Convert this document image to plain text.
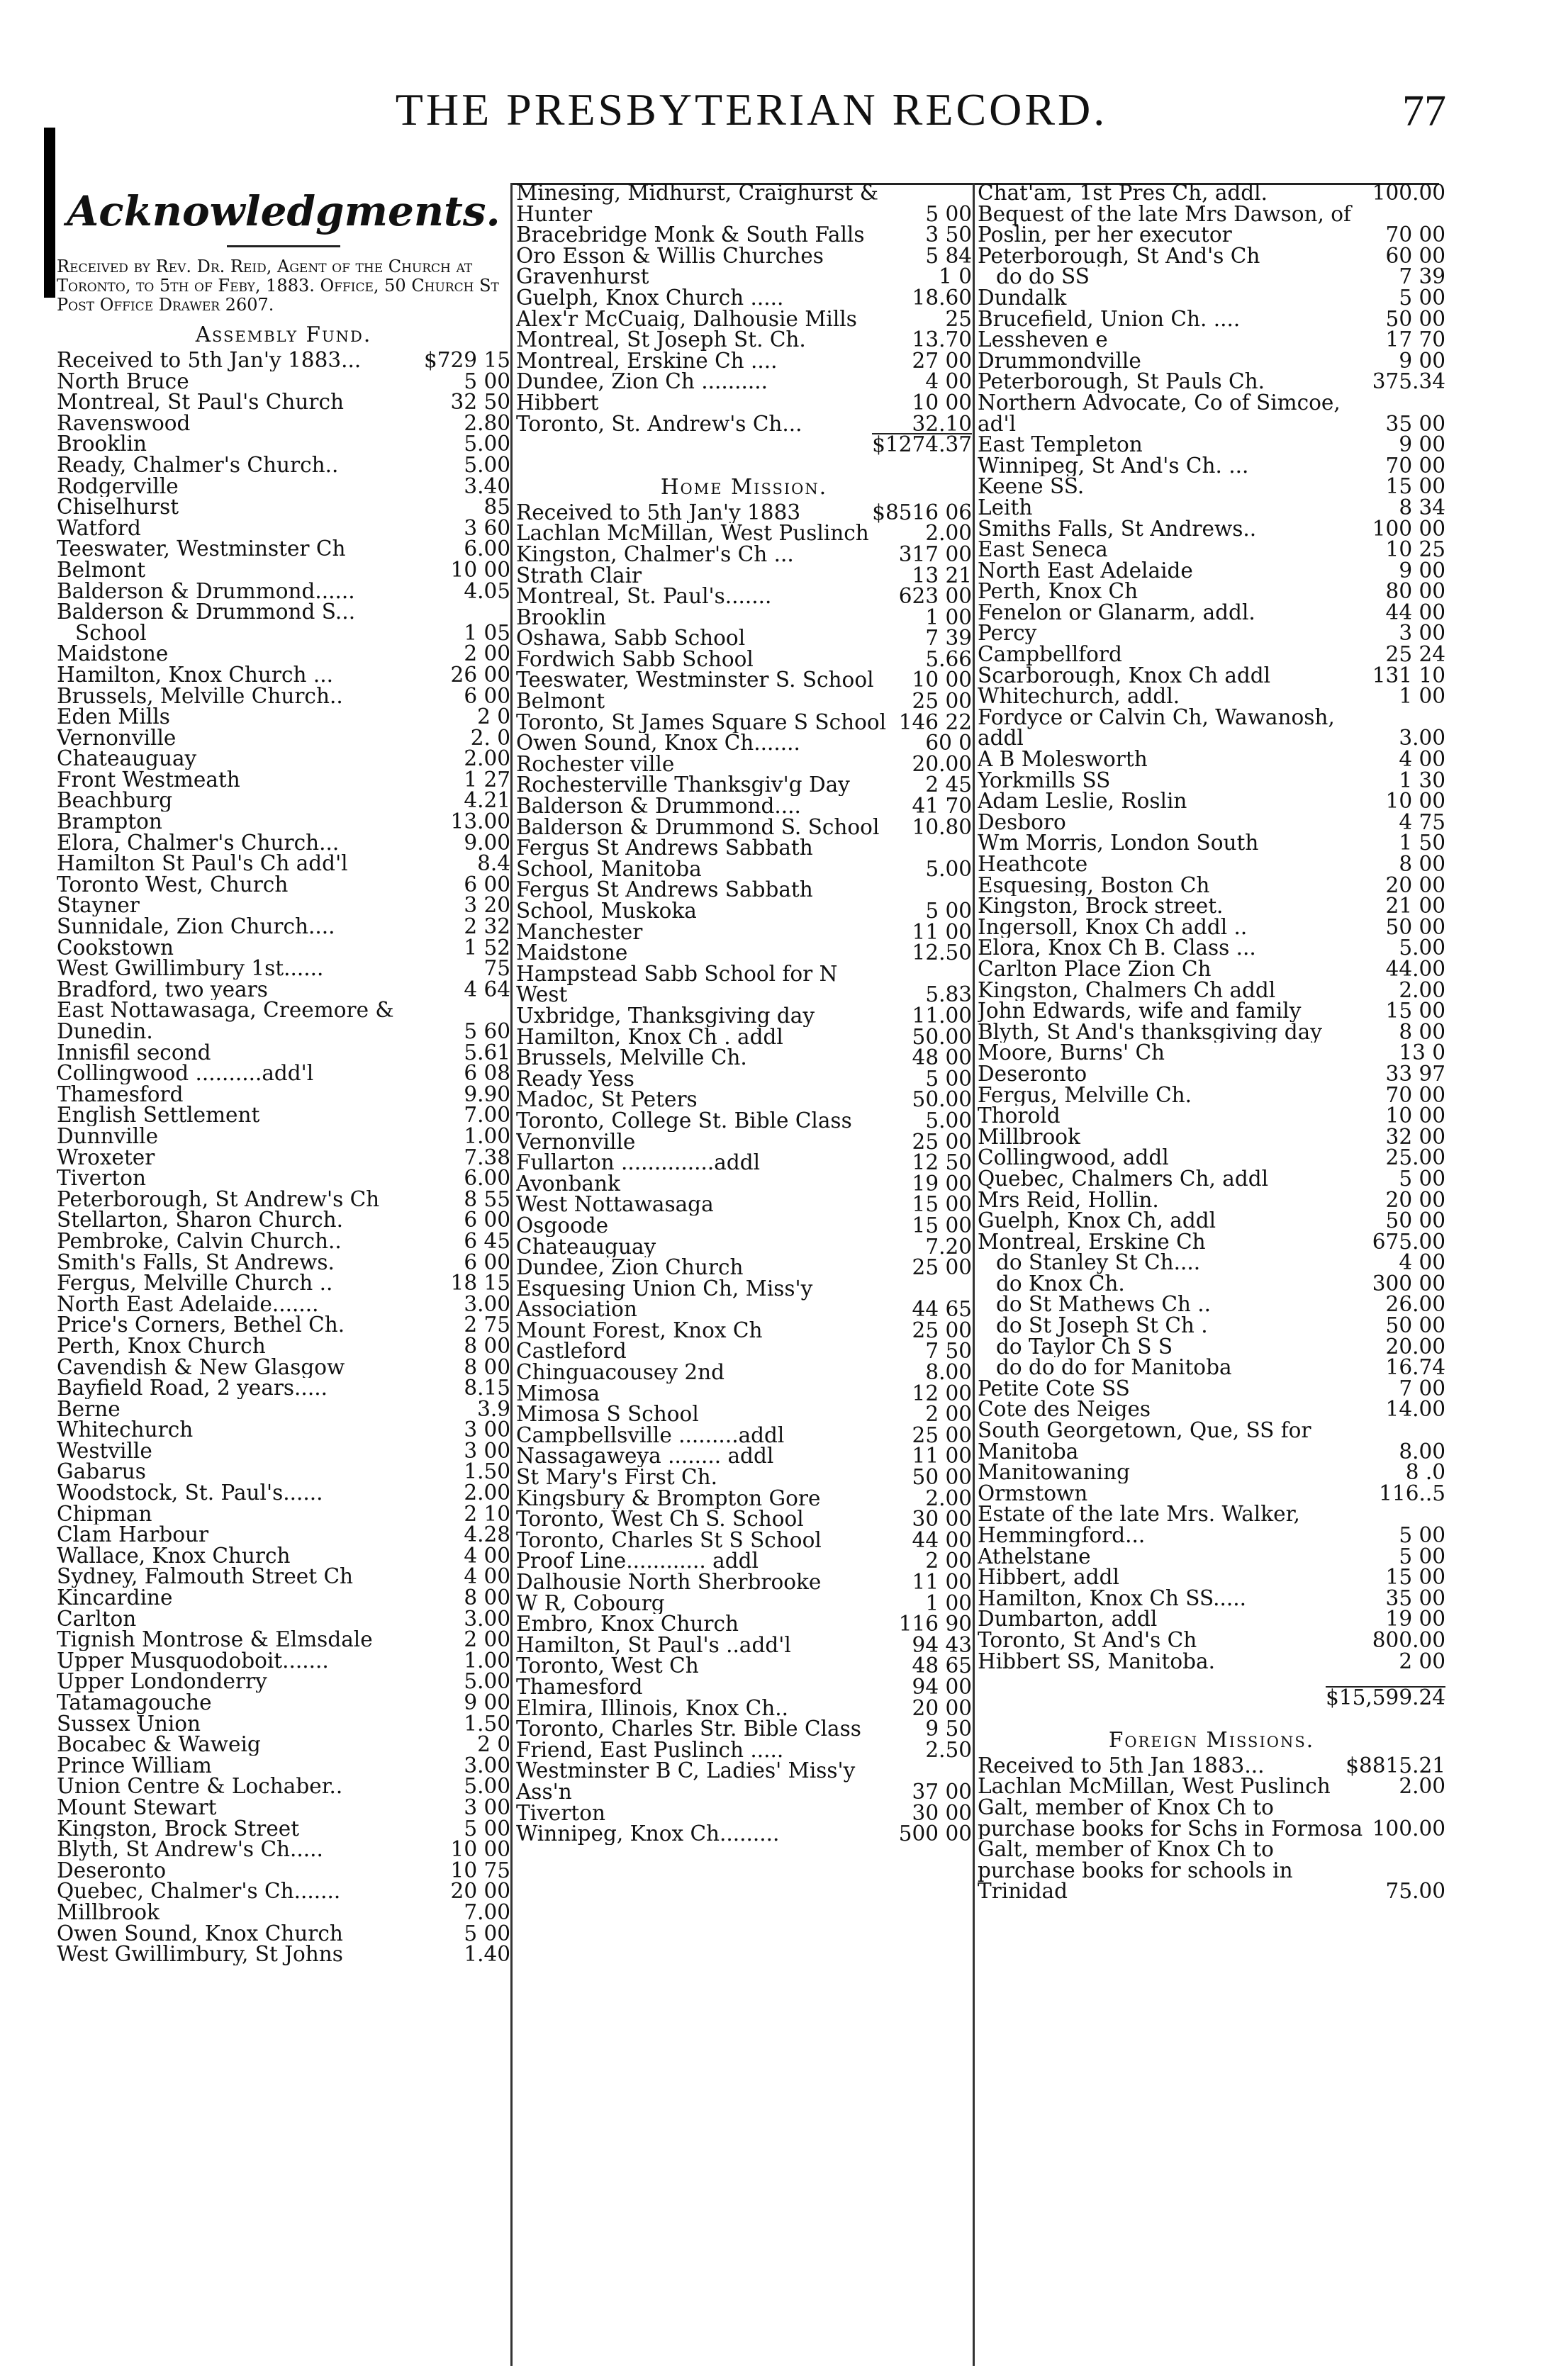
THE PRESBYTERIAN RECORD.	77
Acknowledgments.
Received by Rev. Dr. Reid, Agent of the Church at Toronto, to 5th of Feby, 1883. Office, 50 Church St Post Office Drawer 2607.
Assembly Fund.
Received to 5th Jan'y 1883...	$729 15
North Bruce	5 00
Montreal, St Paul's Church	32 50
Ravenswood	2.80
Brooklin	5.00
Ready, Chalmer's Church..	5.00
Rodgerville	3.40
Chiselhurst	85
Watford	3 60
Teeswater, Westminster Ch	6.00
Belmont	10 00
Balderson & Drummond......	4.05
Balderson & Drummond S...
School	1 05
Maidstone	2 00
Hamilton, Knox Church ...	26 00
Brussels, Melville Church..	6 00
Eden Mills	2 0
Vernonville	2. 0
Chateauguay	2.00
Front Westmeath	1 27
Beachburg	4.21
Brampton	13.00
Elora, Chalmer's Church...	9.00
Hamilton St Paul's Ch add'l	8.4
Toronto West, Church	6 00
Stayner	3 20
Sunnidale, Zion Church....	2 32
Cookstown	1 52
West Gwillimbury 1st......	75
Bradford, two years	4 64
East Nottawasaga, Creemore & Dunedin.	5 60
Innisfil second	5.61
Collingwood ..........add'l	6 08
Thamesford	9.90
English Settlement	7.00
Dunnville	1.00
Wroxeter	7.38
Tiverton	6.00
Peterborough, St Andrew's Ch	8 55
Stellarton, Sharon Church.	6 00
Pembroke, Calvin Church..	6 45
Smith's Falls, St Andrews.	6 00
Fergus, Melville Church ..	18 15
North East Adelaide.......	3.00
Price's Corners, Bethel Ch.	2 75
Perth, Knox Church	8 00
Cavendish & New Glasgow	8 00
Bayfield Road, 2 years.....	8.15
Berne	3.9
Whitechurch	3 00
Westville	3 00
Gabarus	1.50
Woodstock, St. Paul's......	2.00
Chipman	2 10
Clam Harbour	4.28
Wallace, Knox Church	4 00
Sydney, Falmouth Street Ch	4 00
Kincardine	8 00
Carlton	3.00
Tignish Montrose & Elmsdale	2 00
Upper Musquodoboit.......	1.00
Upper Londonderry	5.00
Tatamagouche	9 00
Sussex Union	1.50
Bocabec & Waweig	2 0
Prince William	3.00
Union Centre & Lochaber..	5.00
Mount Stewart	3 00
Kingston, Brock Street	5 00
Blyth, St Andrew's Ch.....	10 00
Deseronto	10 75
Quebec, Chalmer's Ch.......	20 00
Millbrook	7.00
Owen Sound, Knox Church	5 00
West Gwillimbury, St Johns	1.40
Minesing, Midhurst, Craighurst & Hunter	5 00
Bracebridge Monk & South Falls	3 50
Oro Esson & Willis Churches	5 84
Gravenhurst	1 0
Guelph, Knox Church .....	18.60
Alex'r McCuaig, Dalhousie Mills	25
Montreal, St Joseph St. Ch.	13.70
Montreal, Erskine Ch ....	27 00
Dundee, Zion Ch ..........	4 00
Hibbert	10 00
Toronto, St. Andrew's Ch...	32.10
$1274.37
Home Mission.
Received to 5th Jan'y 1883	$8516 06
Lachlan McMillan, West Puslinch	2.00
Kingston, Chalmer's Ch ...	317 00
Strath Clair	13 21
Montreal, St. Paul's.......	623 00
Brooklin	1 00
Oshawa, Sabb School	7 39
Fordwich Sabb School	5.66
Teeswater, Westminster S. School	10 00
Belmont	25 00
Toronto, St James Square S School 146 22
Owen Sound, Knox Ch.......	60 0
Rochester ville	20.00
Rochesterville Thanksgiv'g Day	2 45
Balderson & Drummond....	41 70
Balderson & Drummond S. School	10.80
Fergus St Andrews Sabbath School, Manitoba	5.00
Fergus St Andrews Sabbath School, Muskoka	5 00
Manchester	11 00
Maidstone	12.50
Hampstead Sabb School for N West	5.83
Uxbridge, Thanksgiving day	11.00
Hamilton, Knox Ch . addl	50.00
Brussels, Melville Ch.	48 00
Ready Yess	5 00
Madoc, St Peters	50.00
Toronto, College St. Bible Class	5.00
Vernonville	25 00
Fullarton ..............addl	12 50
Avonbank	19 00
West Nottawasaga	15 00
Osgoode	15 00
Chateauguay	7.20
Dundee, Zion Church	25 00
Esquesing Union Ch, Miss'y Association	44 65
Mount Forest, Knox Ch	25 00
Castleford	7 50
Chinguacousey 2nd	8.00
Mimosa	12 00
Mimosa S School	2 00
Campbellsville .........addl	25 00
Nassagaweya ........ addl	11 00
St Mary's First Ch.	50 00
Kingsbury & Brompton Gore	2.00
Toronto, West Ch S. School	30 00
Toronto, Charles St S School	44 00
Proof Line............ addl	2 00
Dalhousie North Sherbrooke	11 00
W R, Cobourg	1 00
Embro, Knox Church	116 90
Hamilton, St Paul's ..add'l	94 43
Toronto, West Ch	48 65
Thamesford	94 00
Elmira, Illinois, Knox Ch..	20 00
Toronto, Charles Str. Bible Class	9 50
Friend, East Puslinch .....	2.50
Westminster B C, Ladies' Miss'y Ass'n	37 00
Tiverton	30 00
Winnipeg, Knox Ch.........	500 00
Chat'am, 1st Pres Ch, addl.	100.00
Bequest of the late Mrs Dawson, of Poslin, per her executor	70 00
Peterborough, St And's Ch	60 00
do do SS	7 39
Dundalk	5 00
Brucefield, Union Ch. ....	50 00
Lessheven e	17 70
Drummondville	9 00
Peterborough, St Pauls Ch.	375.34
Northern Advocate, Co of Simcoe, ad'l	35 00
East Templeton	9 00
Winnipeg, St And's Ch. ...	70 00
Keene SS.	15 00
Leith	8 34
Smiths Falls, St Andrews..	100 00
East Seneca	10 25
North East Adelaide	9 00
Perth, Knox Ch	80 00
Fenelon or Glanarm, addl.	44 00
Percy	3 00
Campbellford	25 24
Scarborough, Knox Ch addl	131 10
Whitechurch, addl.	1 00
Fordyce or Calvin Ch, Wawanosh, addl	3.00
A B Molesworth	4 00
Yorkmills SS	1 30
Adam Leslie, Roslin	10 00
Desboro	4 75
Wm Morris, London South	1 50
Heathcote	8 00
Esquesing, Boston Ch	20 00
Kingston, Brock street.	21 00
Ingersoll, Knox Ch addl ..	50 00
Elora, Knox Ch B. Class ...	5.00
Carlton Place Zion Ch	44.00
Kingston, Chalmers Ch addl	2.00
John Edwards, wife and family	15 00
Blyth, St And's thanksgiving day	8 00
Moore, Burns' Ch	13 0
Deseronto	33 97
Fergus, Melville Ch.	70 00
Thorold	10 00
Millbrook	32 00
Collingwood, addl	25.00
Quebec, Chalmers Ch, addl	5 00
Mrs Reid, Hollin.	20 00
Guelph, Knox Ch, addl	50 00
Montreal, Erskine Ch	675.00
do Stanley St Ch....	4 00
do Knox Ch.	300 00
do St Mathews Ch ..	26.00
do St Joseph St Ch .	50 00
do Taylor Ch S S	20.00
do do do for Manitoba	16.74
Petite Cote SS	7 00
Cote des Neiges	14.00
South Georgetown, Que, SS for Manitoba	8.00
Manitowaning	8 .0
Ormstown	116..5
Estate of the late Mrs. Walker, Hemmingford...	5 00
Athelstane	5 00
Hibbert, addl	15 00
Hamilton, Knox Ch SS.....	35 00
Dumbarton, addl	19 00
Toronto, St And's Ch	800.00
Hibbert SS, Manitoba.	2 00
$15,599.24
Foreign Missions.
Received to 5th Jan 1883...	$8815.21
Lachlan McMillan, West Puslinch	2.00
Galt, member of Knox Ch to purchase books for Schs in Formosa 100.00
Galt, member of Knox Ch to purchase books for schools in Trinidad	75.00
